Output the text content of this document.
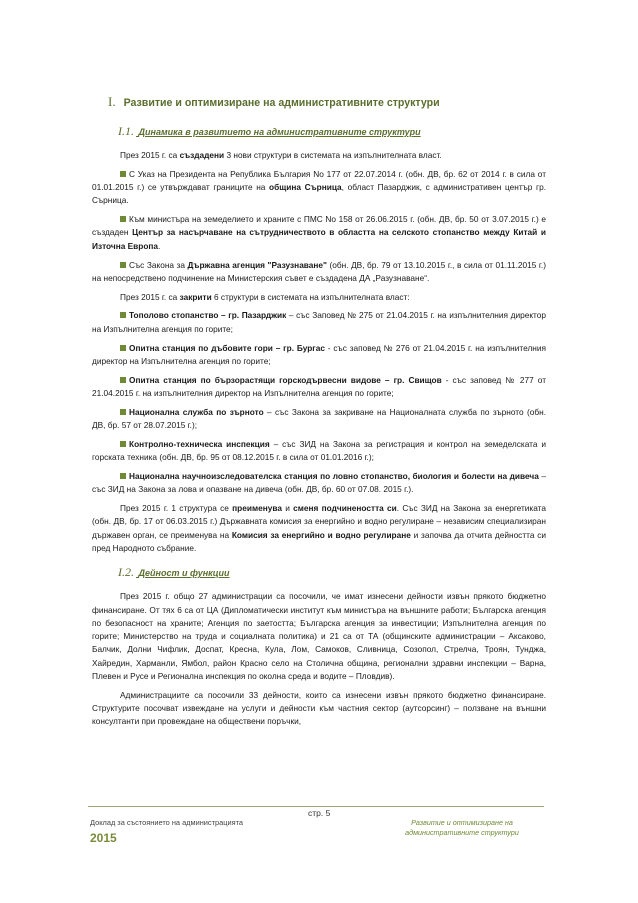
I. Развитие и оптимизиране на административните структури
I.1. Динамика в развитието на административните структури

През 2015 г. са създадени 3 нови структури в системата на изпълнителната власт.

С Указ на Президента на Република България No 177 от 22.07.2014 г. (обн. ДВ, бр. 62 от 2014 г. в сила от 01.01.2015 г.) се утвърждават границите на община Сърница, област Пазарджик, с административен център гр. Сърница.

Към министъра на земеделието и храните с ПМС No 158 от 26.06.2015 г. (обн. ДВ, бр. 50 от 3.07.2015 г.) е създаден Център за насърчаване на сътрудничеството в областта на селското стопанство между Китай и Източна Европа.

Със Закона за Държавна агенция "Разузнаване" (обн. ДВ, бр. 79 от 13.10.2015 г., в сила от 01.11.2015 г.) на непосредствено подчинение на Министерския съвет е създадена ДА „Разузнаване“.

През 2015 г. са закрити 6 структури в системата на изпълнителната власт:

Тополово стопанство – гр. Пазарджик – със Заповед № 275 от 21.04.2015 г. на изпълнителния директор на Изпълнителна агенция по горите;

Опитна станция по дъбовите гори – гр. Бургас - със заповед № 276 от 21.04.2015 г. на изпълнителния директор на Изпълнителна агенция по горите;

Опитна станция по бързорастящи горскодървесни видове – гр. Свищов - със заповед № 277 от 21.04.2015 г. на изпълнителния директор на Изпълнителна агенция по горите;

Национална служба по зърното – със Закона за закриване на Националната служба по зърното (обн. ДВ, бр. 57 от 28.07.2015 г.);

Контролно-техническа инспекция – със ЗИД на Закона за регистрация и контрол на земеделската и горската техника (обн. ДВ, бр. 95 от 08.12.2015 г. в сила от 01.01.2016 г.);

Национална научноизследователска станция по ловно стопанство, биология и болести на дивеча – със ЗИД на Закона за лова и опазване на дивеча (обн. ДВ, бр. 60 от 07.08. 2015 г.).

През 2015 г. 1 структура се преименува и сменя подчинеността си. Със ЗИД на Закона за енергетиката (обн. ДВ, бр. 17 от 06.03.2015 г.) Държавната комисия за енергийно и водно регулиране – независим специализиран държавен орган, се преименува на Комисия за енергийно и водно регулиране и започва да отчита дейността си пред Народното събрание.

I.2. Дейност и функции

През 2015 г. общо 27 администрации са посочили, че имат изнесени дейности извън прякото бюджетно финансиране. От тях 6 са от ЦА (Дипломатически институт към министъра на външните работи; Българска агенция по безопасност на храните; Агенция по заетостта; Българска агенция за инвестиции; Изпълнителна агенция по горите; Министерство на труда и социалната политика) и 21 са от ТА (общинските администрации – Аксаково, Балчик, Долни Чифлик, Доспат, Кресна, Кула, Лом, Самоков, Сливница, Созопол, Стрелча, Троян, Тунджа, Хайредин, Харманли, Ямбол, район Красно село на Столична община, регионални здравни инспекции – Варна, Плевен и Русе и Регионална инспекция по околна среда и водите – Пловдив).

Администрациите са посочили 33 дейности, които са изнесени извън прякото бюджетно финансиране. Структурите посочват извеждане на услуги и дейности към частния сектор (аутсорсинг) – ползване на външни консултанти при провеждане на обществени поръчки,

стр. 5
Доклад за състоянието на администрацията
2015
Развитие и оптимизиране на административните структури
